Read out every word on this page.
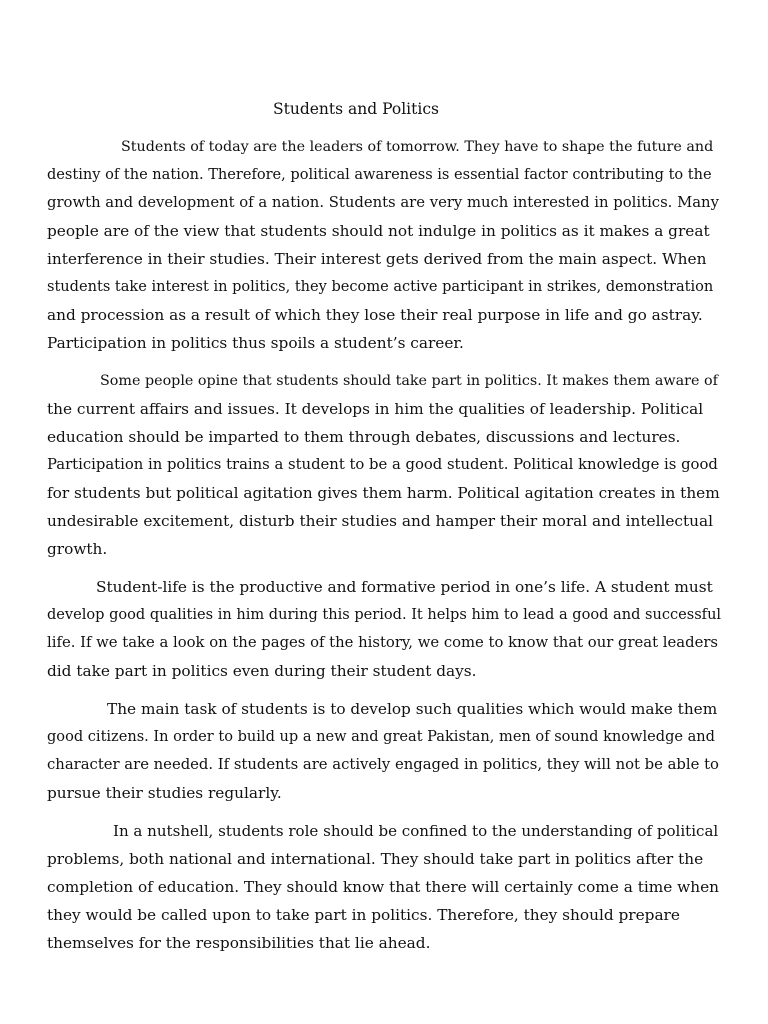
Students and Politics

Students of today are the leaders of tomorrow. They have to shape the future and
destiny of the nation. Therefore, political awareness is essential factor contributing to the
growth and development of a nation. Students are very much interested in politics. Many
people are of the view that students should not indulge in politics as it makes a great
interference in their studies. Their interest gets derived from the main aspect. When
students take interest in politics, they become active participant in strikes, demonstration
and procession as a result of which they lose their real purpose in life and go astray.
Participation in politics thus spoils a student’s career.

Some people opine that students should take part in politics. It makes them aware of
the current affairs and issues. It develops in him the qualities of leadership. Political
education should be imparted to them through debates, discussions and lectures.
Participation in politics trains a student to be a good student. Political knowledge is good
for students but political agitation gives them harm. Political agitation creates in them
undesirable excitement, disturb their studies and hamper their moral and intellectual
growth.

Student-life is the productive and formative period in one’s life. A student must
develop good qualities in him during this period. It helps him to lead a good and successful
life. If we take a look on the pages of the history, we come to know that our great leaders
did take part in politics even during their student days.

The main task of students is to develop such qualities which would make them
good citizens. In order to build up a new and great Pakistan, men of sound knowledge and
character are needed. If students are actively engaged in politics, they will not be able to
pursue their studies regularly.

In a nutshell, students role should be confined to the understanding of political
problems, both national and international. They should take part in politics after the
completion of education. They should know that there will certainly come a time when
they would be called upon to take part in politics. Therefore, they should prepare
themselves for the responsibilities that lie ahead.
